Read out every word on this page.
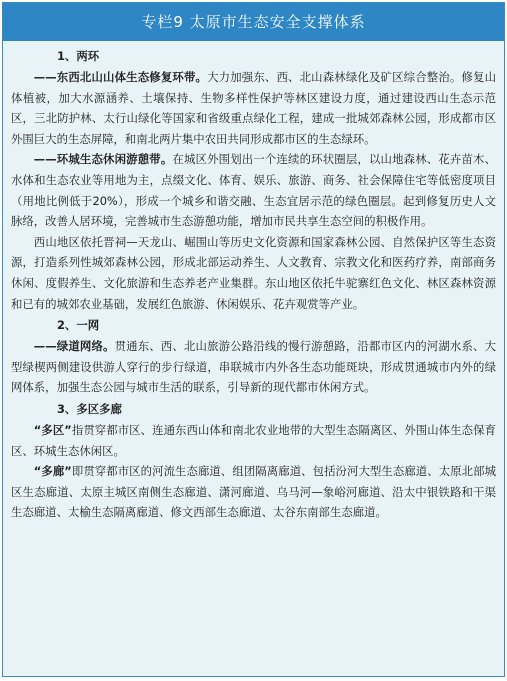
专栏9 太原市生态安全支撑体系

1、两环

——东西北山山体生态修复环带。大力加强东、西、北山森林绿化及矿区综合整治。修复山体植被，加大水源涵养、土壤保持、生物多样性保护等林区建设力度，通过建设西山生态示范区，三北防护林、太行山绿化等国家和省级重点绿化工程，建成一批城郊森林公园，形成都市区外围巨大的生态屏障，和南北两片集中农田共同形成都市区的生态绿环。

——环城生态休闲游憩带。在城区外围划出一个连续的环状圈层，以山地森林、花卉苗木、水体和生态农业等用地为主，点缀文化、体育、娱乐、旅游、商务、社会保障住宅等低密度项目（用地比例低于20%），形成一个城乡和谐交融、生态宜居示范的绿色圈层。起到修复历史人文脉络，改善人居环境，完善城市生态游憩功能，增加市民共享生态空间的积极作用。

西山地区依托晋祠—天龙山、崛围山等历史文化资源和国家森林公园、自然保护区等生态资源，打造系列性城郊森林公园，形成北部运动养生、人文教育、宗教文化和医药疗养，南部商务休闲、度假养生、文化旅游和生态养老产业集群。东山地区依托牛驼寨红色文化、林区森林资源和已有的城郊农业基础，发展红色旅游、休闲娱乐、花卉观赏等产业。

2、一网

——绿道网络。贯通东、西、北山旅游公路沿线的慢行游憩路，沿都市区内的河湖水系、大型绿楔两侧建设供游人穿行的步行绿道，串联城市内外各生态功能斑块，形成贯通城市内外的绿网体系，加强生态公园与城市生活的联系，引导新的现代都市休闲方式。

3、多区多廊

“多区”指贯穿都市区、连通东西山体和南北农业地带的大型生态隔离区、外围山体生态保育区、环城生态休闲区。

“多廊”即贯穿都市区的河流生态廊道、组团隔离廊道、包括汾河大型生态廊道、太原北部城区生态廊道、太原主城区南侧生态廊道、潇河廊道、乌马河—象峪河廊道、沿太中银铁路和干渠生态廊道、太榆生态隔离廊道、修文西部生态廊道、太谷东南部生态廊道。
